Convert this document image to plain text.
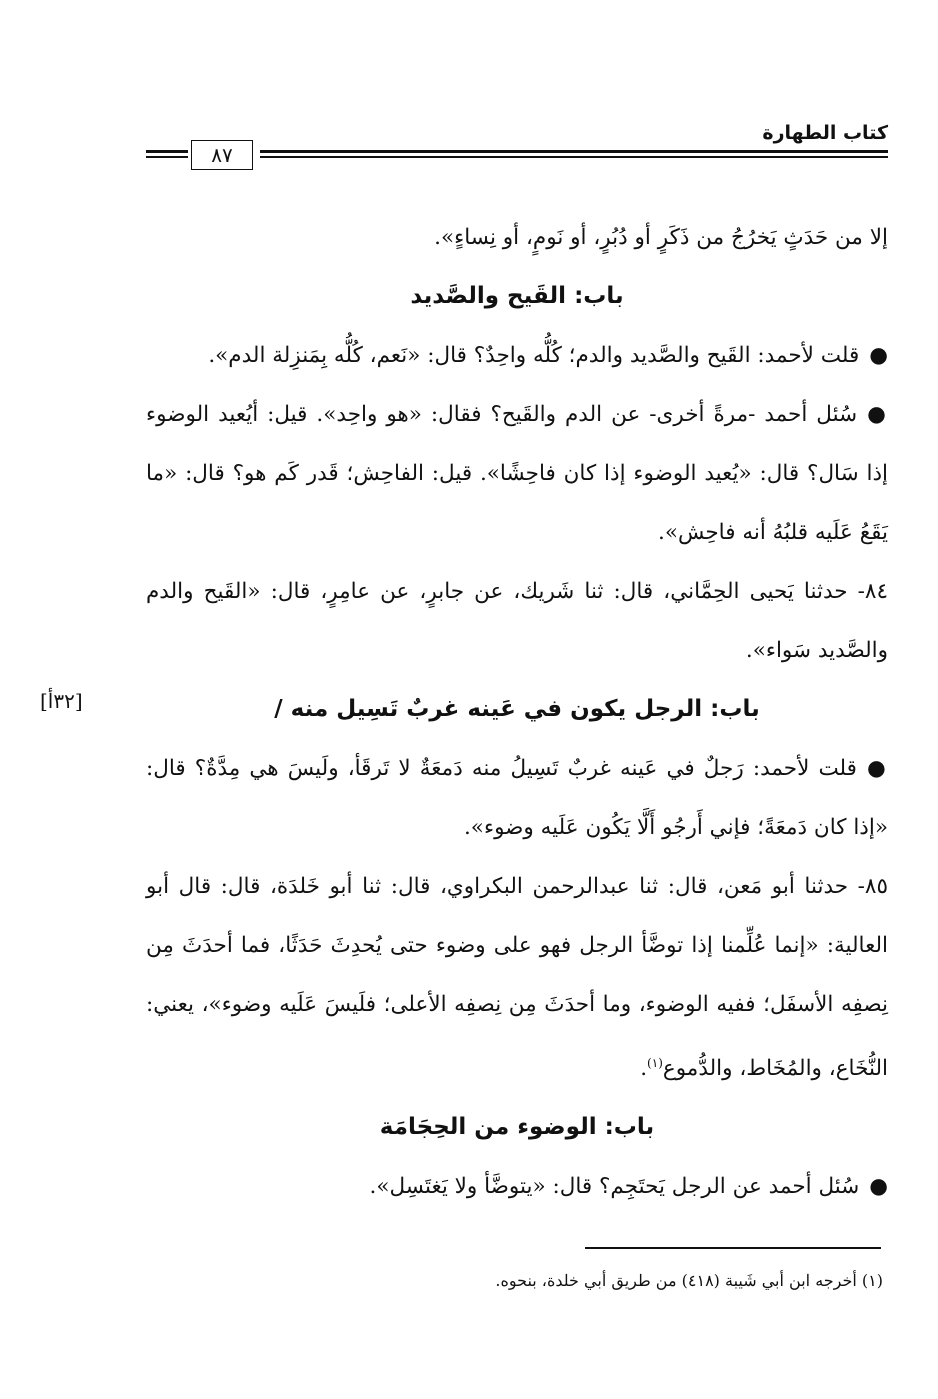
كتاب الطهارة
٨٧
[٣٢أ]

إلا من حَدَثٍ يَخرُجُ من ذَكَرٍ أو دُبُرٍ، أو نَومٍ، أو نِساءٍ».

باب: القَيح والصَّديد

●قلت لأحمد: القَيح والصَّديد والدم؛ كُلُّه واحِدٌ؟ قال: «نَعم، كُلُّه بِمَنزِلة الدم».

●سُئل أحمد -مرةً أخرى- عن الدم والقَيح؟ فقال: «هو واحِد». قيل: أيُعيد الوضوء إذا سَال؟ قال: «يُعيد الوضوء إذا كان فاحِشًا». قيل: الفاحِش؛ قَدر كَم هو؟ قال: «ما يَقَعُ عَلَيه قلبُهُ أنه فاحِش».

٨٤- حدثنا يَحيى الحِمَّاني، قال: ثنا شَريك، عن جابرٍ، عن عامِرٍ، قال: «القَيح والدم والصَّديد سَواء».

باب: الرجل يكون في عَينه غربٌ تَسِيل منه /

●قلت لأحمد: رَجلٌ في عَينه غربٌ تَسِيلُ منه دَمعَةٌ لا تَرقَأ، ولَيسَ هي مِدَّةٌ؟ قال: «إذا كان دَمعَةً؛ فإني أَرجُو أَلَّا يَكُون عَلَيه وضوء».

٨٥- حدثنا أبو مَعن، قال: ثنا عبدالرحمن البكراوي، قال: ثنا أبو خَلدَة، قال: قال أبو العالية: «إنما عُلِّمنا إذا توضَّأ الرجل فهو على وضوء حتى يُحدِثَ حَدَثًا، فما أحدَثَ مِن نِصفِه الأسفَل؛ ففيه الوضوء، وما أحدَثَ مِن نِصفِه الأعلى؛ فلَيسَ عَلَيه وضوء»، يعني: النُّخَاع، والمُخَاط، والدُّموع$^{(١)}$.

باب: الوضوء من الحِجَامَة

●سُئل أحمد عن الرجل يَحتَجِم؟ قال: «يتوضَّأ ولا يَغتَسِل».

(١) أخرجه ابن أبي شَيبة (٤١٨) من طريق أبي خلدة، بنحوه.
